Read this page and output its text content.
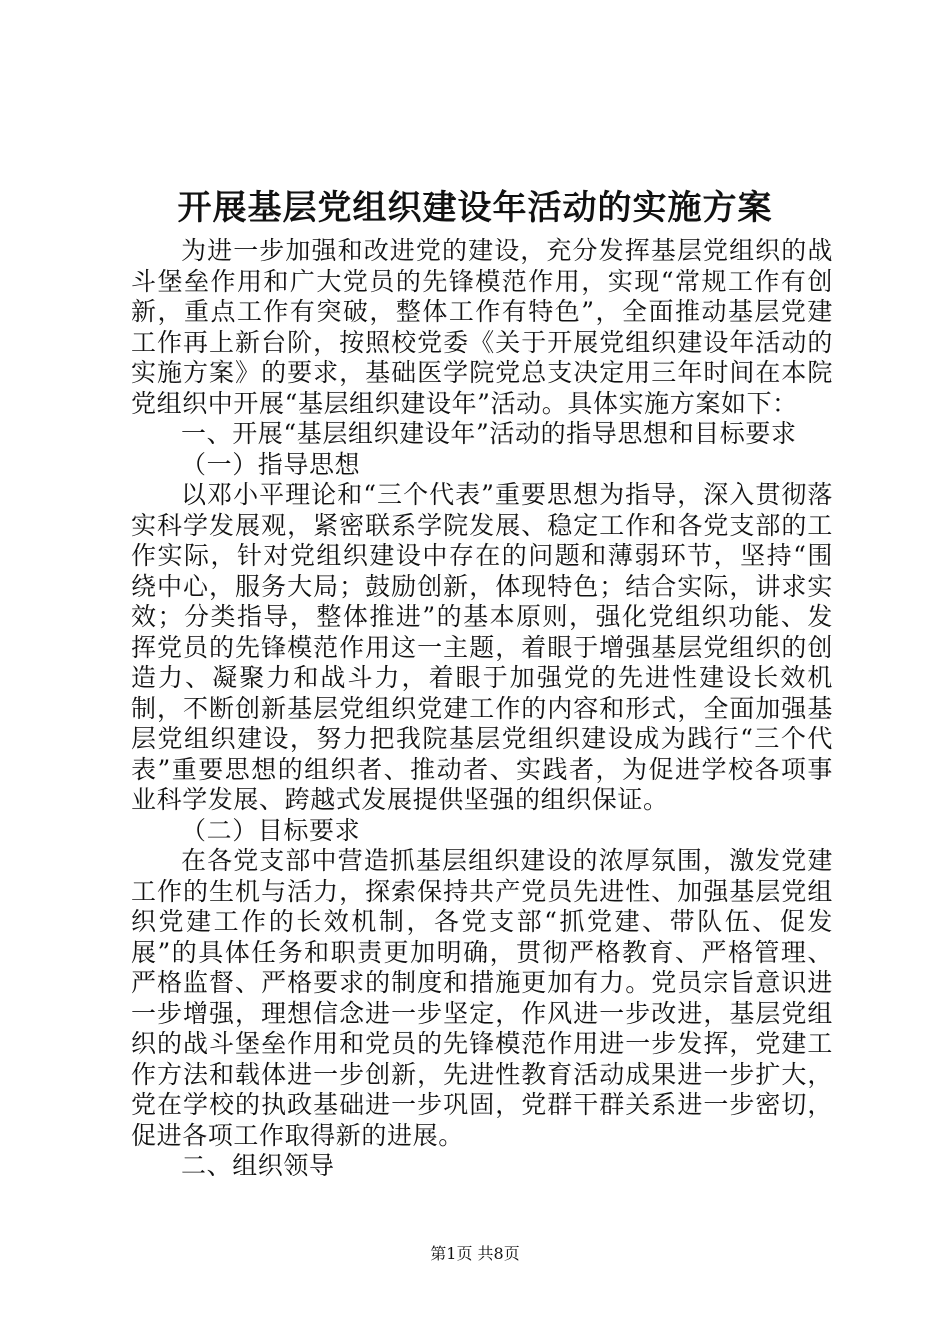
开展基层党组织建设年活动的实施方案

为进一步加强和改进党的建设，充分发挥基层党组织的战斗堡垒作用和广大党员的先锋模范作用，实现“常规工作有创新，重点工作有突破，整体工作有特色”，全面推动基层党建工作再上新台阶，按照校党委《关于开展党组织建设年活动的实施方案》的要求，基础医学院党总支决定用三年时间在本院党组织中开展“基层组织建设年”活动。具体实施方案如下：

一、开展“基层组织建设年”活动的指导思想和目标要求

（一）指导思想

以邓小平理论和“三个代表”重要思想为指导，深入贯彻落实科学发展观，紧密联系学院发展、稳定工作和各党支部的工作实际，针对党组织建设中存在的问题和薄弱环节，坚持“围绕中心，服务大局；鼓励创新，体现特色；结合实际，讲求实效；分类指导，整体推进”的基本原则，强化党组织功能、发挥党员的先锋模范作用这一主题，着眼于增强基层党组织的创造力、凝聚力和战斗力，着眼于加强党的先进性建设长效机制，不断创新基层党组织党建工作的内容和形式，全面加强基层党组织建设，努力把我院基层党组织建设成为践行“三个代表”重要思想的组织者、推动者、实践者，为促进学校各项事业科学发展、跨越式发展提供坚强的组织保证。

（二）目标要求

在各党支部中营造抓基层组织建设的浓厚氛围，激发党建工作的生机与活力，探索保持共产党员先进性、加强基层党组织党建工作的长效机制，各党支部“抓党建、带队伍、促发展”的具体任务和职责更加明确，贯彻严格教育、严格管理、严格监督、严格要求的制度和措施更加有力。党员宗旨意识进一步增强，理想信念进一步坚定，作风进一步改进，基层党组织的战斗堡垒作用和党员的先锋模范作用进一步发挥，党建工作方法和载体进一步创新，先进性教育活动成果进一步扩大，党在学校的执政基础进一步巩固，党群干群关系进一步密切，促进各项工作取得新的进展。

二、组织领导

第1页 共8页
